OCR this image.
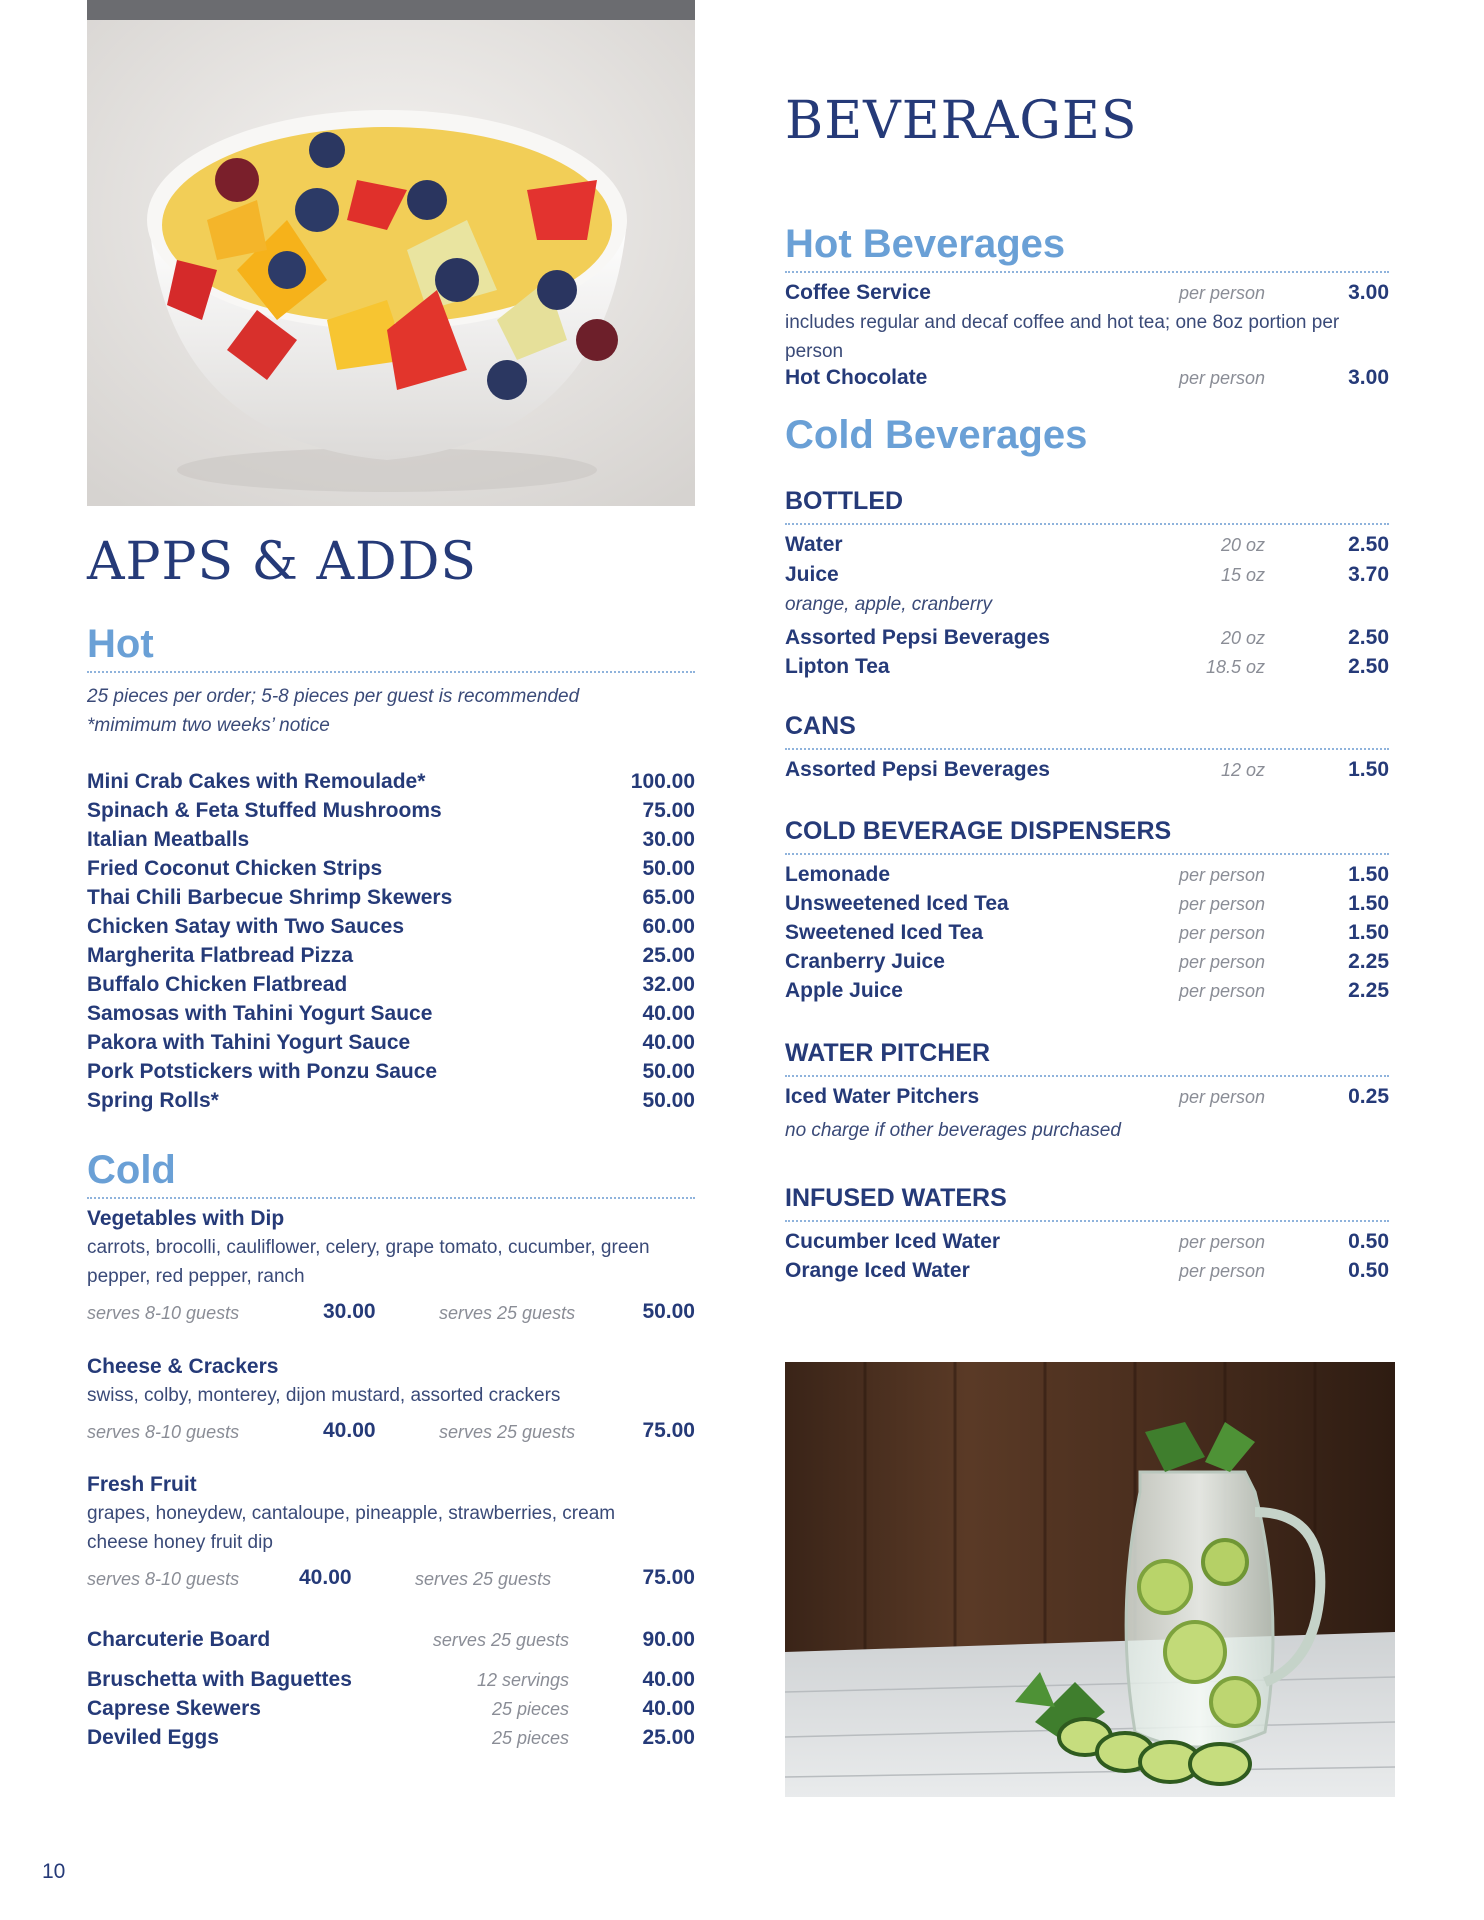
APPS & ADDS
Hot

25 pieces per order; 5-8 pieces per guest is recommended

*mimimum two weeks’ notice

Mini Crab Cakes with Remoulade*	100.00
Spinach & Feta Stuffed Mushrooms	75.00
Italian Meatballs	30.00
Fried Coconut Chicken Strips	50.00
Thai Chili Barbecue Shrimp Skewers	65.00
Chicken Satay with Two Sauces	60.00
Margherita Flatbread Pizza	25.00
Buffalo Chicken Flatbread	32.00
Samosas with Tahini Yogurt Sauce	40.00
Pakora with Tahini Yogurt Sauce	40.00
Pork Potstickers with Ponzu Sauce	50.00
Spring Rolls*	50.00
Cold

Vegetables with Dip

carrots, brocolli, cauliflower, celery, grape tomato, cucumber, green pepper, red pepper, ranch

serves 8-10 guests	30.00	serves 25 guests	50.00

Cheese & Crackers

swiss, colby, monterey, dijon mustard, assorted crackers

serves 8-10 guests	40.00	serves 25 guests	75.00

Fresh Fruit

grapes, honeydew, cantaloupe, pineapple, strawberries, cream cheese honey fruit dip

serves 8-10 guests	40.00	serves 25 guests	75.00
Charcuterie Board	serves 25 guests	90.00
Bruschetta with Baguettes	12 servings	40.00
Caprese Skewers	25 pieces	40.00
Deviled Eggs	25 pieces	25.00
BEVERAGES
Hot Beverages
Coffee Service	per person	3.00

includes regular and decaf coffee and hot tea; one 8oz portion per person

Hot Chocolate	per person	3.00
Cold Beverages
BOTTLED
Water	20 oz	2.50
Juice	15 oz	3.70

orange, apple, cranberry

Assorted Pepsi Beverages	20 oz	2.50
Lipton Tea	18.5 oz	2.50
CANS
Assorted Pepsi Beverages	12 oz	1.50
COLD BEVERAGE DISPENSERS
Lemonade	per person	1.50
Unsweetened Iced Tea	per person	1.50
Sweetened Iced Tea	per person	1.50
Cranberry Juice	per person	2.25
Apple Juice	per person	2.25
WATER PITCHER
Iced Water Pitchers	per person	0.25

no charge if other beverages purchased

INFUSED WATERS
Cucumber Iced Water	per person	0.50
Orange Iced Water	per person	0.50
10
